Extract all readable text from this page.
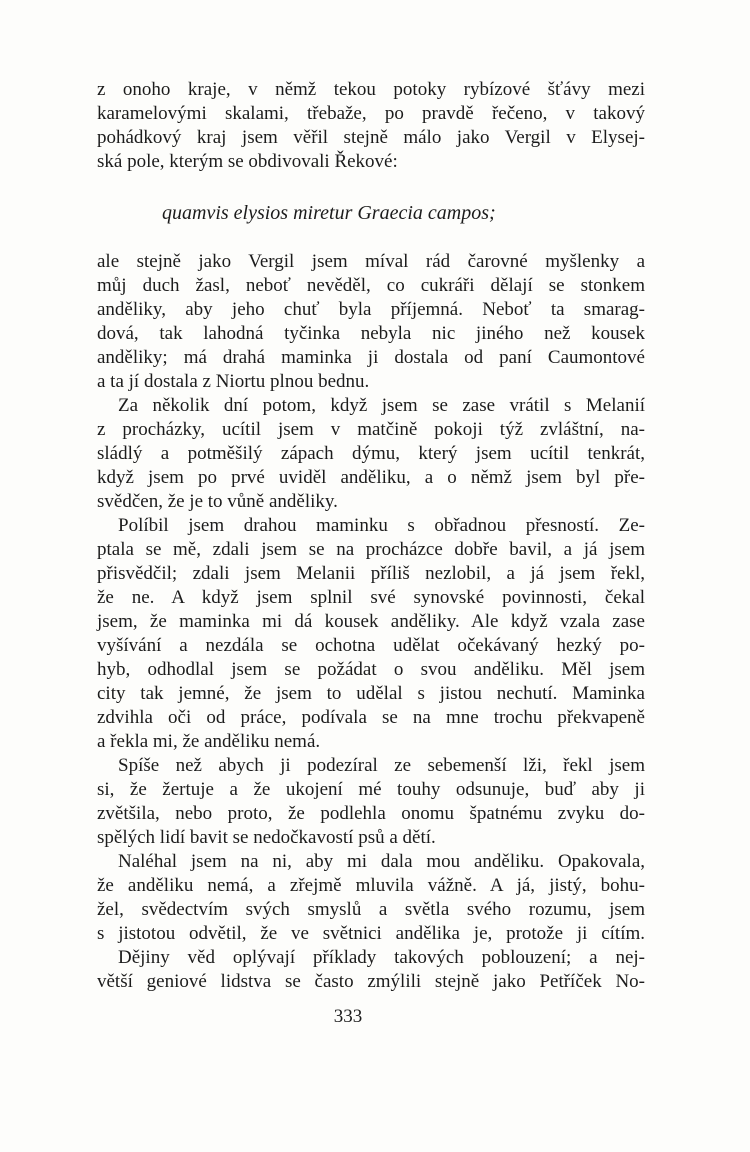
quamvis elysios miretur Graecia campos;
333
z onoho kraje, v němž tekou potoky rybízové šťávy mezi
karamelovými skalami, třebaže, po pravdě řečeno, v takový
pohádkový kraj jsem věřil stejně málo jako Vergil v Elysej-
ská pole, kterým se obdivovali Řekové:
ale stejně jako Vergil jsem míval rád čarovné myšlenky a
můj duch žasl, neboť nevěděl, co cukráři dělají se stonkem
anděliky, aby jeho chuť byla příjemná. Neboť ta smarag-
dová, tak lahodná tyčinka nebyla nic jiného než kousek
anděliky; má drahá maminka ji dostala od paní Caumontové
a ta jí dostala z Niortu plnou bednu.
Za několik dní potom, když jsem se zase vrátil s Melanií
z procházky, ucítil jsem v matčině pokoji týž zvláštní, na-
sládlý a potměšilý zápach dýmu, který jsem ucítil tenkrát,
když jsem po prvé uviděl anděliku, a o němž jsem byl pře-
svědčen, že je to vůně anděliky.
Políbil jsem drahou maminku s obřadnou přesností. Ze-
ptala se mě, zdali jsem se na procházce dobře bavil, a já jsem
přisvědčil; zdali jsem Melanii příliš nezlobil, a já jsem řekl,
že ne. A když jsem splnil své synovské povinnosti, čekal
jsem, že maminka mi dá kousek anděliky. Ale když vzala zase
vyšívání a nezdála se ochotna udělat očekávaný hezký po-
hyb, odhodlal jsem se požádat o svou anděliku. Měl jsem
city tak jemné, že jsem to udělal s jistou nechutí. Maminka
zdvihla oči od práce, podívala se na mne trochu překvapeně
a řekla mi, že anděliku nemá.
Spíše než abych ji podezíral ze sebemenší lži, řekl jsem
si, že žertuje a že ukojení mé touhy odsunuje, buď aby ji
zvětšila, nebo proto, že podlehla onomu špatnému zvyku do-
spělých lidí bavit se nedočkavostí psů a dětí.
Naléhal jsem na ni, aby mi dala mou anděliku. Opakovala,
že anděliku nemá, a zřejmě mluvila vážně. A já, jistý, bohu-
žel, svědectvím svých smyslů a světla svého rozumu, jsem
s jistotou odvětil, že ve světnici andělika je, protože ji cítím.
Dějiny věd oplývají příklady takových poblouzení; a nej-
větší geniové lidstva se často zmýlili stejně jako Petříček No-
